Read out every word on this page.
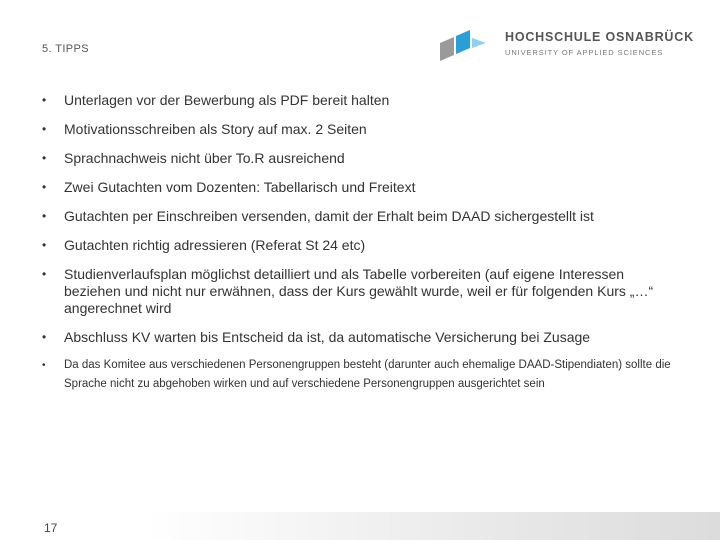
5. TIPPS
HOCHSCHULE OSNABRÜCK
UNIVERSITY OF APPLIED SCIENCES
• Unterlagen vor der Bewerbung als PDF bereit halten
• Motivationsschreiben als Story auf max. 2 Seiten
• Sprachnachweis nicht über To.R ausreichend
• Zwei Gutachten vom Dozenten: Tabellarisch und Freitext
• Gutachten per Einschreiben versenden, damit der Erhalt beim DAAD sichergestellt ist
• Gutachten richtig adressieren (Referat St 24 etc)
• Studienverlaufsplan möglichst detailliert und als Tabelle vorbereiten (auf eigene Interessen beziehen und nicht nur erwähnen, dass der Kurs gewählt wurde, weil er für folgenden Kurs „…“ angerechnet wird
• Abschluss KV warten bis Entscheid da ist, da automatische Versicherung bei Zusage
• Da das Komitee aus verschiedenen Personengruppen besteht (darunter auch ehemalige DAAD-Stipendiaten) sollte die Sprache nicht zu abgehoben wirken und auf verschiedene Personengruppen ausgerichtet sein
17
